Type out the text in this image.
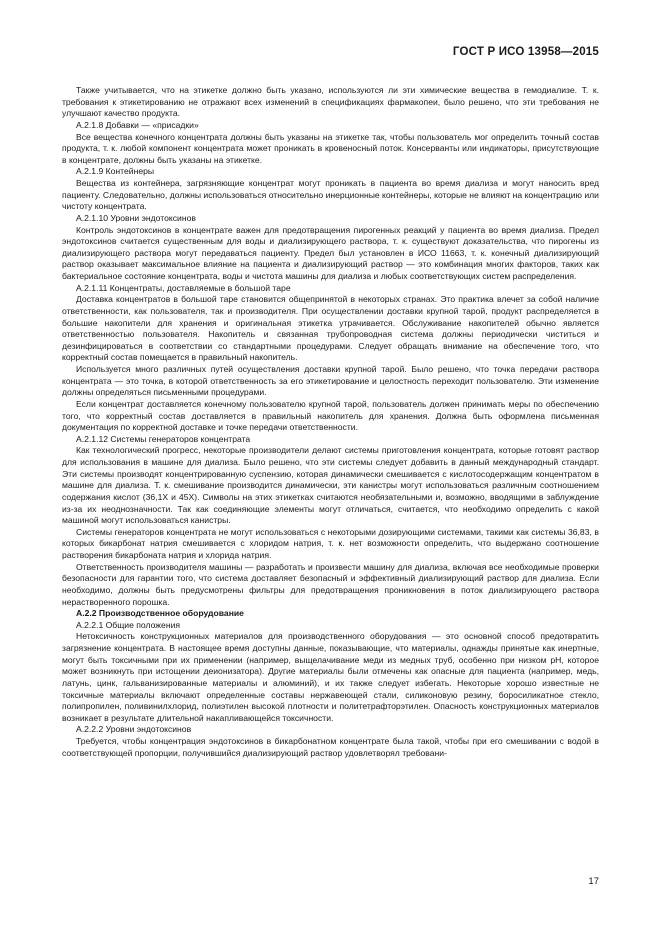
ГОСТ Р ИСО 13958—2015

Также учитывается, что на этикетке должно быть указано, используются ли эти химические вещества в гемодиализе. Т. к. требования к этикетированию не отражают всех изменений в спецификациях фармакопеи, было решено, что эти требования не улучшают качество продукта.

А.2.1.8 Добавки — «присадки»

Все вещества конечного концентрата должны быть указаны на этикетке так, чтобы пользователь мог определить точный состав продукта, т. к. любой компонент концентрата может проникать в кровеносный поток. Консерванты или индикаторы, присутствующие в концентрате, должны быть указаны на этикетке.

А.2.1.9 Контейнеры

Вещества из контейнера, загрязняющие концентрат могут проникать в пациента во время диализа и могут наносить вред пациенту. Следовательно, должны использоваться относительно инерционные контейнеры, которые не влияют на концентрацию или чистоту концентрата.

А.2.1.10 Уровни эндотоксинов

Контроль эндотоксинов в концентрате важен для предотвращения пирогенных реакций у пациента во время диализа. Предел эндотоксинов считается существенным для воды и диализирующего раствора, т. к. существуют доказательства, что пирогены из диализирующего раствора могут передаваться пациенту. Предел был установлен в ИСО 11663, т. к. конечный диализирующий раствор оказывает максимальное влияние на пациента и диализирующий раствор — это комбинация многих факторов, таких как бактериальное состояние концентрата, воды и чистота машины для диализа и любых соответствующих систем распределения.

А.2.1.11 Концентраты, доставляемые в большой таре

Доставка концентратов в большой таре становится общепринятой в некоторых странах. Это практика влечет за собой наличие ответственности, как пользователя, так и производителя. При осуществлении доставки крупной тарой, продукт распределяется в большие накопители для хранения и оригинальная этикетка утрачивается. Обслуживание накопителей обычно является ответственностью пользователя. Накопитель и связанная трубопроводная система должны периодически чиститься и дезинфицироваться в соответствии со стандартными процедурами. Следует обращать внимание на обеспечение того, что корректный состав помещается в правильный накопитель.

Используется много различных путей осуществления доставки крупной тарой. Было решено, что точка передачи раствора концентрата — это точка, в которой ответственность за его этикетирование и целостность переходит пользователю. Эти изменение должны определяться письменными процедурами.

Если концентрат доставляется конечному пользователю крупной тарой, пользователь должен принимать меры по обеспечению того, что корректный состав доставляется в правильный накопитель для хранения. Должна быть оформлена письменная документация по корректной доставке и точке передачи ответственности.

А.2.1.12 Системы генераторов концентрата

Как технологический прогресс, некоторые производители делают системы приготовления концентрата, которые готовят раствор для использования в машине для диализа. Было решено, что эти системы следует добавить в данный международный стандарт. Эти системы производят концентрированную суспензию, которая динамически смешивается с кислотосодержащим концентратом в машине для диализа. Т. к. смешивание производится динамически, эти канистры могут использоваться различным соотношением содержания кислот (36,1Х и 45Х). Символы на этих этикетках считаются необязательными и, возможно, вводящими в заблуждение из-за их неоднозначности. Так как соединяющие элементы могут отличаться, считается, что необходимо определить с какой машиной могут использоваться канистры.

Системы генераторов концентрата не могут использоваться с некоторыми дозирующими системами, такими как системы 36,83, в которых бикарбонат натрия смешивается с хлоридом натрия, т. к. нет возможности определить, что выдержано соотношение растворения бикарбоната натрия и хлорида натрия.

Ответственность производителя машины — разработать и произвести машину для диализа, включая все необходимые проверки безопасности для гарантии того, что система доставляет безопасный и эффективный диализирующий раствор для диализа. Если необходимо, должны быть предусмотрены фильтры для предотвращения проникновения в поток диализирующего раствора нерастворенного порошка.

А.2.2 Производственное оборудование

А.2.2.1 Общие положения

Нетоксичность конструкционных материалов для производственного оборудования — это основной способ предотвратить загрязнение концентрата. В настоящее время доступны данные, показывающие, что материалы, однажды принятые как инертные, могут быть токсичными при их применении (например, выщелачивание меди из медных труб, особенно при низком pH, которое может возникнуть при истощении деионизатора). Другие материалы были отмечены как опасные для пациента (например, медь, латунь, цинк, гальванизированные материалы и алюминий), и их также следует избегать. Некоторые хорошо известные не токсичные материалы включают определенные составы нержавеющей стали, силиконовую резину, боросиликатное стекло, полипропилен, поливинилхлорид, полиэтилен высокой плотности и политетрафторэтилен. Опасность конструкционных материалов возникает в результате длительной накапливающейся токсичности.

А.2.2.2 Уровни эндотоксинов

Требуется, чтобы концентрация эндотоксинов в бикарбонатном концентрате была такой, чтобы при его смешивании с водой в соответствующей пропорции, получившийся диализирующий раствор удовлетворял требовани-

17
